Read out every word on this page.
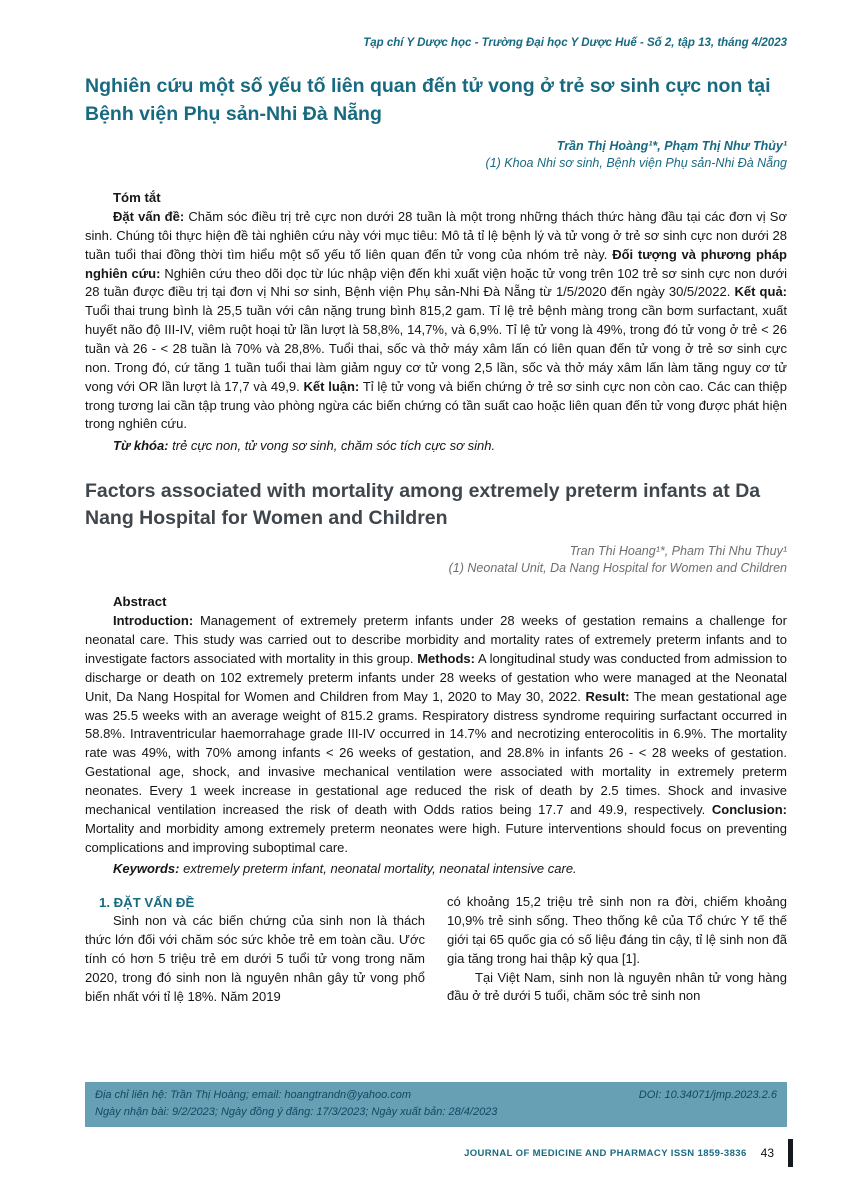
Tạp chí Y Dược học - Trường Đại học Y Dược Huế - Số 2, tập 13, tháng 4/2023
Nghiên cứu một số yếu tố liên quan đến tử vong ở trẻ sơ sinh cực non tại Bệnh viện Phụ sản-Nhi Đà Nẵng
Trần Thị Hoàng¹*, Phạm Thị Như Thủy¹
(1) Khoa Nhi sơ sinh, Bệnh viện Phụ sản-Nhi Đà Nẵng
Tóm tắt

Đặt vấn đề: Chăm sóc điều trị trẻ cực non dưới 28 tuần là một trong những thách thức hàng đầu tại các đơn vị Sơ sinh. Chúng tôi thực hiện đề tài nghiên cứu này với mục tiêu: Mô tả tỉ lệ bệnh lý và tử vong ở trẻ sơ sinh cực non dưới 28 tuần tuổi thai đồng thời tìm hiểu một số yếu tố liên quan đến tử vong của nhóm trẻ này. Đối tượng và phương pháp nghiên cứu: Nghiên cứu theo dõi dọc từ lúc nhập viện đến khi xuất viện hoặc tử vong trên 102 trẻ sơ sinh cực non dưới 28 tuần được điều trị tại đơn vị Nhi sơ sinh, Bệnh viện Phụ sản-Nhi Đà Nẵng từ 1/5/2020 đến ngày 30/5/2022. Kết quả: Tuổi thai trung bình là 25,5 tuần với cân nặng trung bình 815,2 gam. Tỉ lệ trẻ bệnh màng trong cần bơm surfactant, xuất huyết não độ III-IV, viêm ruột hoại tử lần lượt là 58,8%, 14,7%, và 6,9%. Tỉ lệ tử vong là 49%, trong đó tử vong ở trẻ < 26 tuần và 26 - < 28 tuần là 70% và 28,8%. Tuổi thai, sốc và thở máy xâm lấn có liên quan đến tử vong ở trẻ sơ sinh cực non. Trong đó, cứ tăng 1 tuần tuổi thai làm giảm nguy cơ tử vong 2,5 lần, sốc và thở máy xâm lấn làm tăng nguy cơ tử vong với OR lần lượt là 17,7 và 49,9. Kết luận: Tỉ lệ tử vong và biến chứng ở trẻ sơ sinh cực non còn cao. Các can thiệp trong tương lai cần tập trung vào phòng ngừa các biến chứng có tần suất cao hoặc liên quan đến tử vong được phát hiện trong nghiên cứu.

Từ khóa: trẻ cực non, tử vong sơ sinh, chăm sóc tích cực sơ sinh.

Factors associated with mortality among extremely preterm infants at Da Nang Hospital for Women and Children
Tran Thi Hoang¹*, Pham Thi Nhu Thuy¹
(1) Neonatal Unit, Da Nang Hospital for Women and Children
Abstract

Introduction: Management of extremely preterm infants under 28 weeks of gestation remains a challenge for neonatal care. This study was carried out to describe morbidity and mortality rates of extremely preterm infants and to investigate factors associated with mortality in this group. Methods: A longitudinal study was conducted from admission to discharge or death on 102 extremely preterm infants under 28 weeks of gestation who were managed at the Neonatal Unit, Da Nang Hospital for Women and Children from May 1, 2020 to May 30, 2022. Result: The mean gestational age was 25.5 weeks with an average weight of 815.2 grams. Respiratory distress syndrome requiring surfactant occurred in 58.8%. Intraventricular haemorrahage grade III-IV occurred in 14.7% and necrotizing enterocolitis in 6.9%. The mortality rate was 49%, with 70% among infants < 26 weeks of gestation, and 28.8% in infants 26 - < 28 weeks of gestation. Gestational age, shock, and invasive mechanical ventilation were associated with mortality in extremely preterm neonates. Every 1 week increase in gestational age reduced the risk of death by 2.5 times. Shock and invasive mechanical ventilation increased the risk of death with Odds ratios being 17.7 and 49.9, respectively. Conclusion: Mortality and morbidity among extremely preterm neonates were high. Future interventions should focus on preventing complications and improving suboptimal care.

Keywords: extremely preterm infant, neonatal mortality, neonatal intensive care.

1. ĐẶT VẤN ĐỀ

Sinh non và các biến chứng của sinh non là thách thức lớn đối với chăm sóc sức khỏe trẻ em toàn cầu. Ước tính có hơn 5 triệu trẻ em dưới 5 tuổi tử vong trong năm 2020, trong đó sinh non là nguyên nhân gây tử vong phổ biến nhất với tỉ lệ 18%. Năm 2019

có khoảng 15,2 triệu trẻ sinh non ra đời, chiếm khoảng 10,9% trẻ sinh sống. Theo thống kê của Tổ chức Y tế thế giới tại 65 quốc gia có số liệu đáng tin cậy, tỉ lệ sinh non đã gia tăng trong hai thập kỷ qua [1].

Tại Việt Nam, sinh non là nguyên nhân tử vong hàng đầu ở trẻ dưới 5 tuổi, chăm sóc trẻ sinh non

Địa chỉ liên hệ: Trần Thị Hoàng; email: hoangtrandn@yahoo.com	DOI: 10.34071/jmp.2023.2.6
Ngày nhận bài: 9/2/2023; Ngày đồng ý đăng: 17/3/2023; Ngày xuất bản: 28/4/2023
JOURNAL OF MEDICINE AND PHARMACY ISSN 1859-3836 43
